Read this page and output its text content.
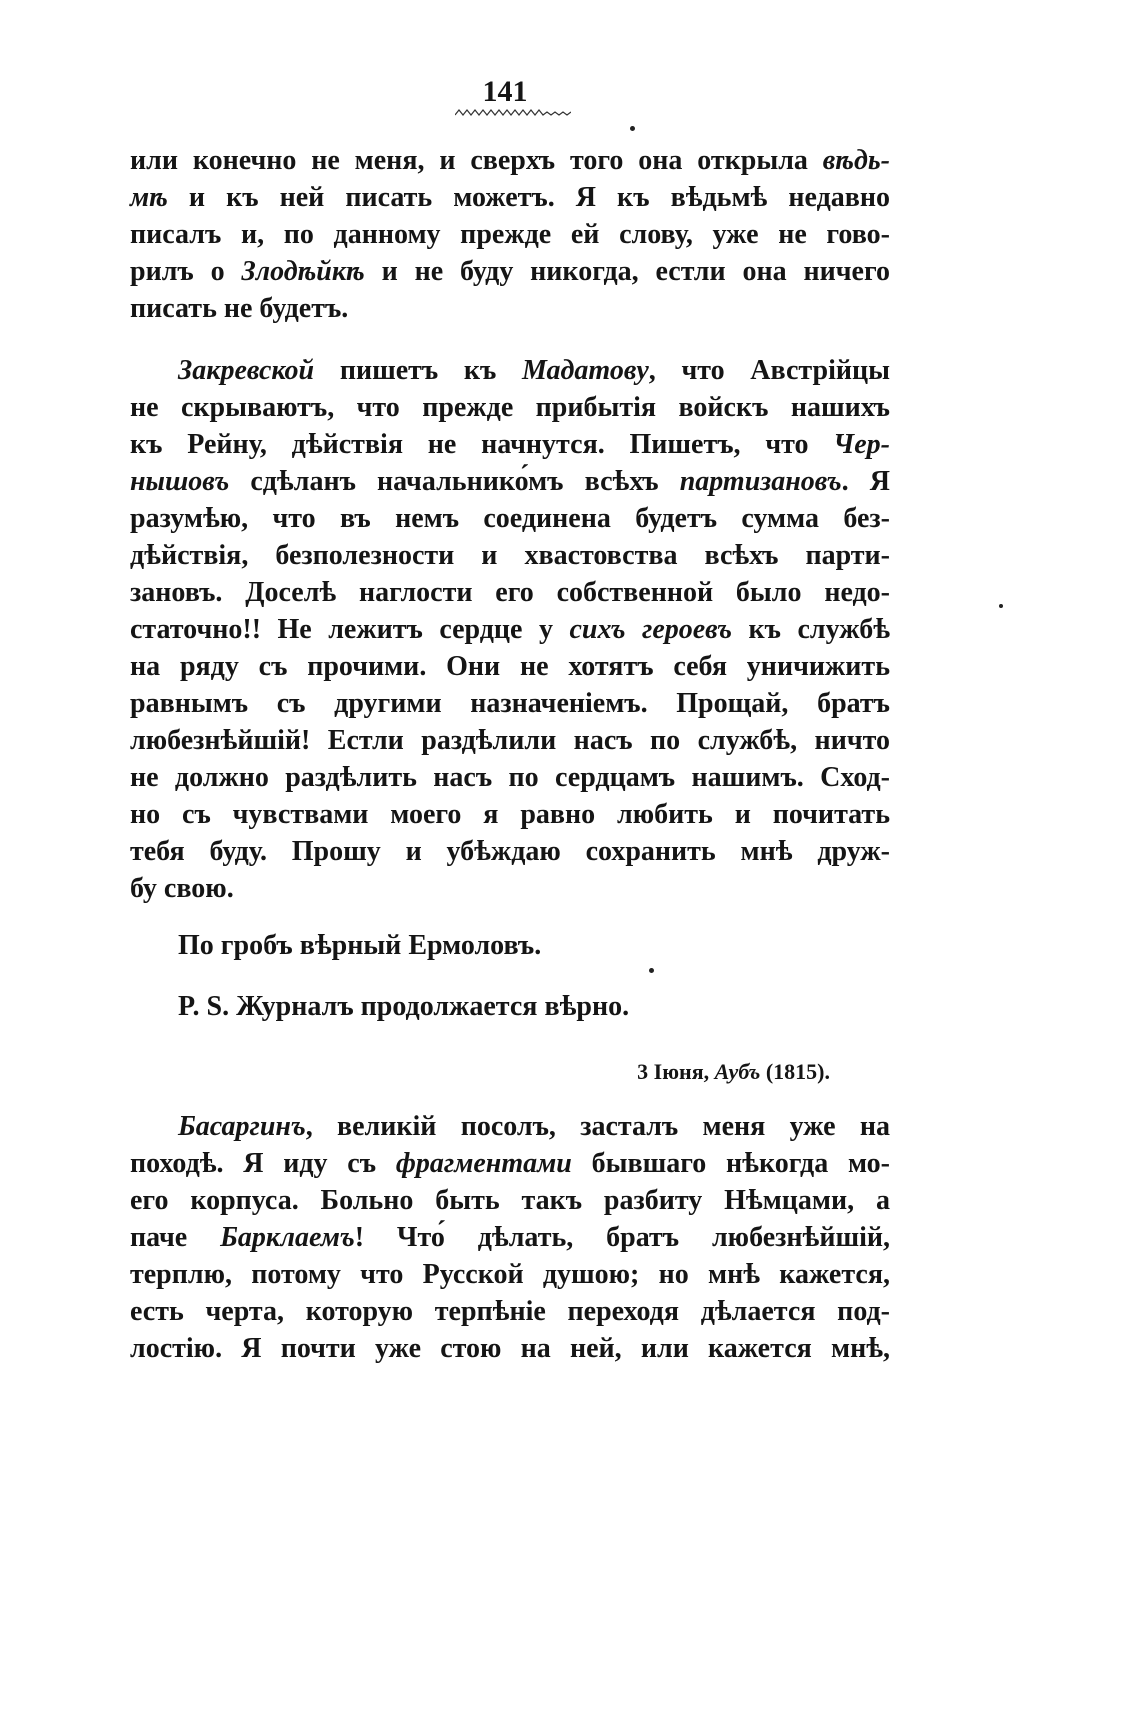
141
или конечно не меня, и сверхъ того она открыла вѣдь-
мѣ и къ ней писать можетъ. Я къ вѣдьмѣ недавно
писалъ и, по данному прежде ей слову, уже не гово-
рилъ о Злодѣйкѣ и не буду никогда, естли она ничего
писать не будетъ.
Закревской пишетъ къ Мадатову, что Австрійцы
не скрываютъ, что прежде прибытія войскъ нашихъ
къ Рейну, дѣйствія не начнутся. Пишетъ, что Чер-
нышовъ сдѣланъ начальнико́мъ всѣхъ партизановъ. Я
разумѣю, что въ немъ соединена будетъ сумма без-
дѣйствія, безполезности и хвастовства всѣхъ парти-
зановъ. Доселѣ наглости его собственной было недо-
статочно!! Не лежитъ сердце у сихъ героевъ къ службѣ
на ряду съ прочими. Они не хотятъ себя уничижить
равнымъ съ другими назначеніемъ. Прощай, братъ
любезнѣйшій! Естли раздѣлили насъ по службѣ, ничто
не должно раздѣлить насъ по сердцамъ нашимъ. Сход-
но съ чувствами моего я равно любить и почитать
тебя буду. Прошу и убѣждаю сохранить мнѣ друж-
бу свою.
По гробъ вѣрный Ермоловъ.
P. S. Журналъ продолжается вѣрно.
3 Іюня, Аубъ (1815).
Басаргинъ, великій посолъ, засталъ меня уже на
походѣ. Я иду съ фрагментами бывшаго нѣкогда мо-
его корпуса. Больно быть такъ разбиту Нѣмцами, а
паче Барклаемъ! Что́ дѣлать, братъ любезнѣйшій,
терплю, потому что Русской душою; но мнѣ кажется,
есть черта, которую терпѣніе переходя дѣлается под-
лостію. Я почти уже стою на ней, или кажется мнѣ,
